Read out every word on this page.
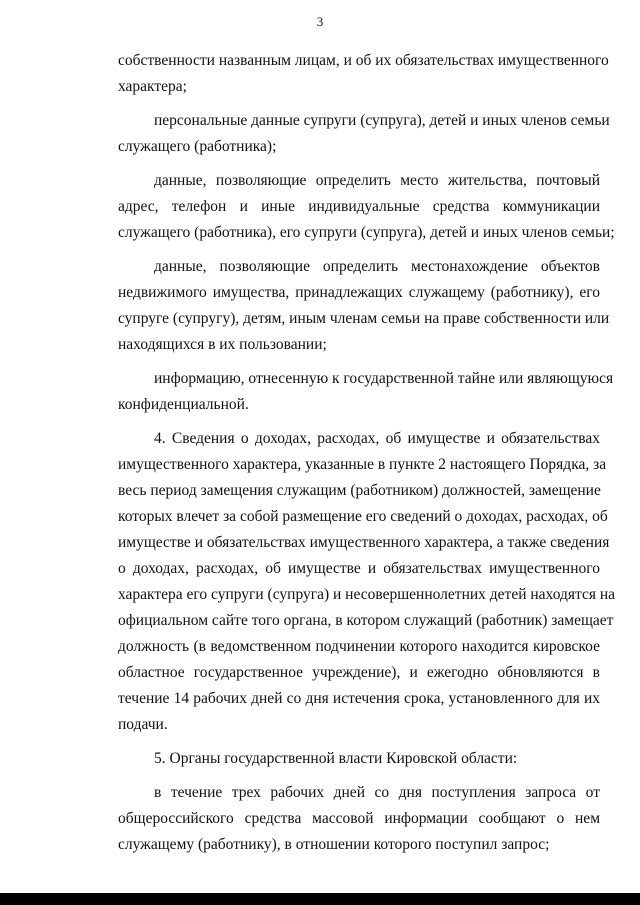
3

собственности названным лицам, и об их обязательствах имущественного
характера;

персональные данные супруги (супруга), детей и иных членов семьи
служащего (работника);

данные, позволяющие определить место жительства, почтовый
адрес, телефон и иные индивидуальные средства коммуникации
служащего (работника), его супруги (супруга), детей и иных членов семьи;

данные, позволяющие определить местонахождение объектов
недвижимого имущества, принадлежащих служащему (работнику), его
супруге (супругу), детям, иным членам семьи на праве собственности или
находящихся в их пользовании;

информацию, отнесенную к государственной тайне или являющуюся
конфиденциальной.

4. Сведения о доходах, расходах, об имуществе и обязательствах
имущественного характера, указанные в пункте 2 настоящего Порядка, за
весь период замещения служащим (работником) должностей, замещение
которых влечет за собой размещение его сведений о доходах, расходах, об
имуществе и обязательствах имущественного характера, а также сведения
о доходах, расходах, об имуществе и обязательствах имущественного
характера его супруги (супруга) и несовершеннолетних детей находятся на
официальном сайте того органа, в котором служащий (работник) замещает
должность (в ведомственном подчинении которого находится кировское
областное государственное учреждение), и ежегодно обновляются в
течение 14 рабочих дней со дня истечения срока, установленного для их
подачи.

5. Органы государственной власти Кировской области:

в течение трех рабочих дней со дня поступления запроса от
общероссийского средства массовой информации сообщают о нем
служащему (работнику), в отношении которого поступил запрос;
